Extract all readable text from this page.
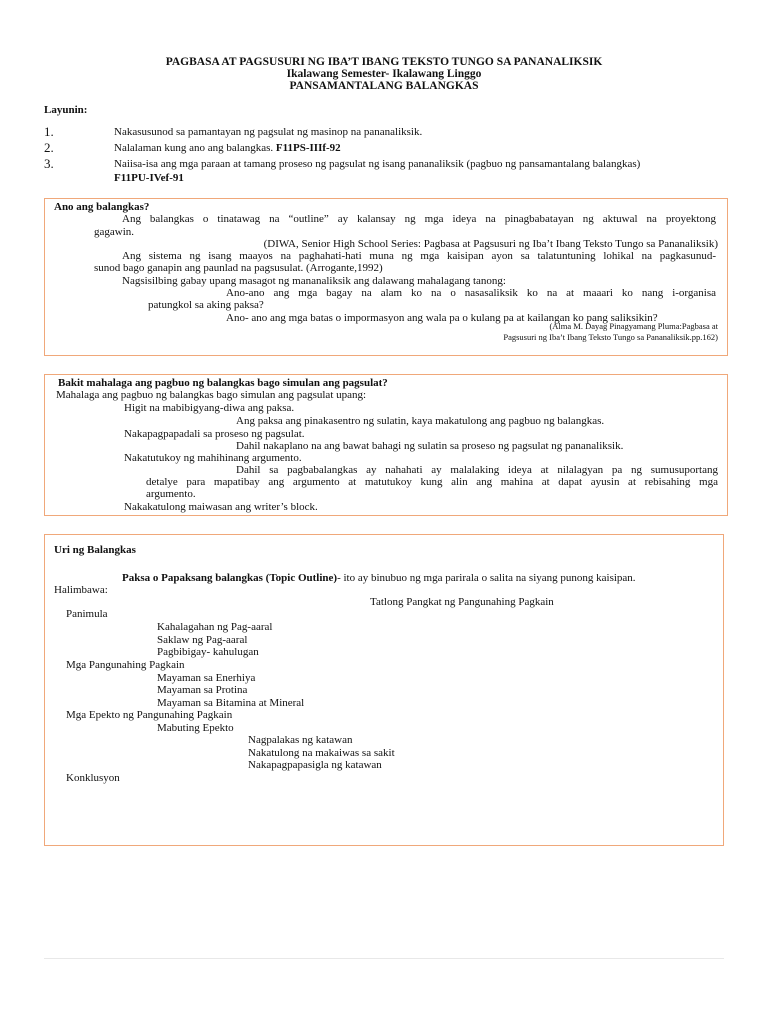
PAGBASA AT PAGSUSURI NG IBA’T IBANG TEKSTO TUNGO SA PANANALIKSIK
Ikalawang Semester- Ikalawang Linggo
PANSAMANTALANG BALANGKAS
Layunin:
1.	Nakasusunod sa pamantayan ng pagsulat ng masinop na pananaliksik.
2.	Nalalaman kung ano ang balangkas. F11PS-IIIf-92
3.	Naiisa-isa ang mga paraan at tamang proseso ng pagsulat ng isang pananaliksik (pagbuo ng pansamantalang balangkas)
F11PU-IVef-91
Ano ang balangkas?
Ang balangkas o tinatawag na “outline” ay kalansay ng mga ideya na pinagbabatayan ng aktuwal na proyektong
gagawin.
(DIWA, Senior High School Series: Pagbasa at Pagsusuri ng Iba’t Ibang Teksto Tungo sa Pananaliksik)
Ang sistema ng isang maayos na paghahati-hati muna ng mga kaisipan ayon sa talatuntuning lohikal na pagkasunud-
sunod bago ganapin ang paunlad na pagsusulat. (Arrogante,1992)
Nagsisilbing gabay upang masagot ng mananaliksik ang dalawang mahalagang tanong:
Ano-ano ang mga bagay na alam ko na o nasasaliksik ko na at maaari ko nang i-organisa
patungkol sa aking paksa?
Ano- ano ang mga batas o impormasyon ang wala pa o kulang pa at kailangan ko pang saliksikin?
(Alma M. Dayag Pinagyamang Pluma:Pagbasa at
Pagsusuri ng Iba’t Ibang Teksto Tungo sa Pananaliksik.pp.162)
Bakit mahalaga ang pagbuo ng balangkas bago simulan ang pagsulat?
Mahalaga ang pagbuo ng balangkas bago simulan ang pagsulat upang:
Higit na mabibigyang-diwa ang paksa.
Ang paksa ang pinakasentro ng sulatin, kaya makatulong ang pagbuo ng balangkas.
Nakapagpapadali sa proseso ng pagsulat.
Dahil nakaplano na ang bawat bahagi ng sulatin sa proseso ng pagsulat ng pananaliksik.
Nakatutukoy ng mahihinang argumento.
Dahil sa pagbabalangkas ay nahahati ay malalaking ideya at nilalagyan pa ng sumusuportang
detalye para mapatibay ang argumento at matutukoy kung alin ang mahina at dapat ayusin at rebisahing mga
argumento.
Nakakatulong maiwasan ang writer’s block.
Uri ng Balangkas
Paksa o Papaksang balangkas (Topic Outline)- ito ay binubuo ng mga parirala o salita na siyang punong kaisipan.
Halimbawa:
Tatlong Pangkat ng Pangunahing Pagkain
Panimula
Kahalagahan ng Pag-aaral
Saklaw ng Pag-aaral
Pagbibigay- kahulugan
Mga Pangunahing Pagkain
Mayaman sa Enerhiya
Mayaman sa Protina
Mayaman sa Bitamina at Mineral
Mga Epekto ng Pangunahing Pagkain
Mabuting Epekto
Nagpalakas ng katawan
Nakatulong na makaiwas sa sakit
Nakapagpapasigla ng katawan
Konklusyon
